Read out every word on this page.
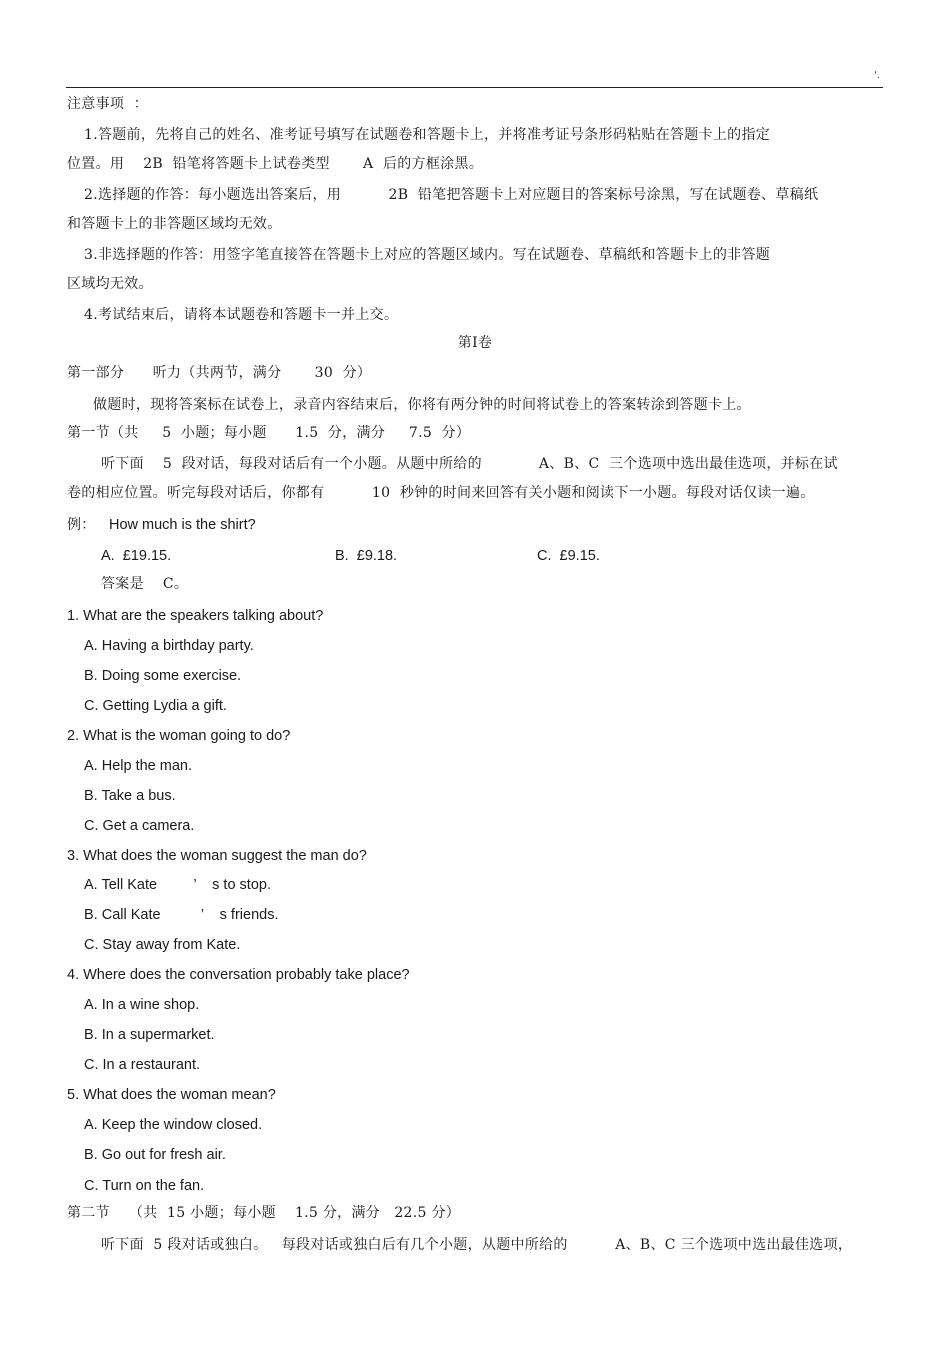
'.
注意事项  ：
1.答题前，先将自己的姓名、准考证号填写在试题卷和答题卡上，并将准考证号条形码粘贴在答题卡上的指定
位置。用    2B  铅笔将答题卡上试卷类型       A  后的方框涂黑。
2.选择题的作答：每小题选出答案后，用          2B  铅笔把答题卡上对应题目的答案标号涂黑，写在试题卷、草稿纸
和答题卡上的非答题区域均无效。
3.非选择题的作答：用签字笔直接答在答题卡上对应的答题区域内。写在试题卷、草稿纸和答题卡上的非答题
区域均无效。
4.考试结束后，请将本试题卷和答题卡一并上交。
第Ⅰ卷
第一部分      听力（共两节，满分       30  分）
做题时，现将答案标在试卷上，录音内容结束后，你将有两分钟的时间将试卷上的答案转涂到答题卡上。
第一节（共     5  小题；每小题      1.5  分，满分     7.5  分）
听下面    5  段对话，每段对话后有一个小题。从题中所给的            A、B、C  三个选项中选出最佳选项，并标在试
卷的相应位置。听完每段对话后，你都有          10  秒钟的时间来回答有关小题和阅读下一小题。每段对话仅读一遍。
例： How much is the shirt?
A.  £19.15.	B.  £9.18.	C.  £9.15.
答案是    C。
1. What are the speakers talking about?
A. Having a birthday party.
B. Doing some exercise.
C. Getting Lydia a gift.
2. What is the woman going to do?
A. Help the man.
B. Take a bus.
C. Get a camera.
3. What does the woman suggest the man do?
A. Tell Kate         ’    s to stop.
B. Call Kate          ’    s friends.
C. Stay away from Kate.
4. Where does the conversation probably take place?
A. In a wine shop.
B. In a supermarket.
C. In a restaurant.
5. What does the woman mean?
A. Keep the window closed.
B. Go out for fresh air.
C. Turn on the fan.
第二节    （共  15 小题；每小题    1.5 分，满分   22.5 分）
听下面  5 段对话或独白。   每段对话或独白后有几个小题，从题中所给的          A、B、C 三个选项中选出最佳选项，
